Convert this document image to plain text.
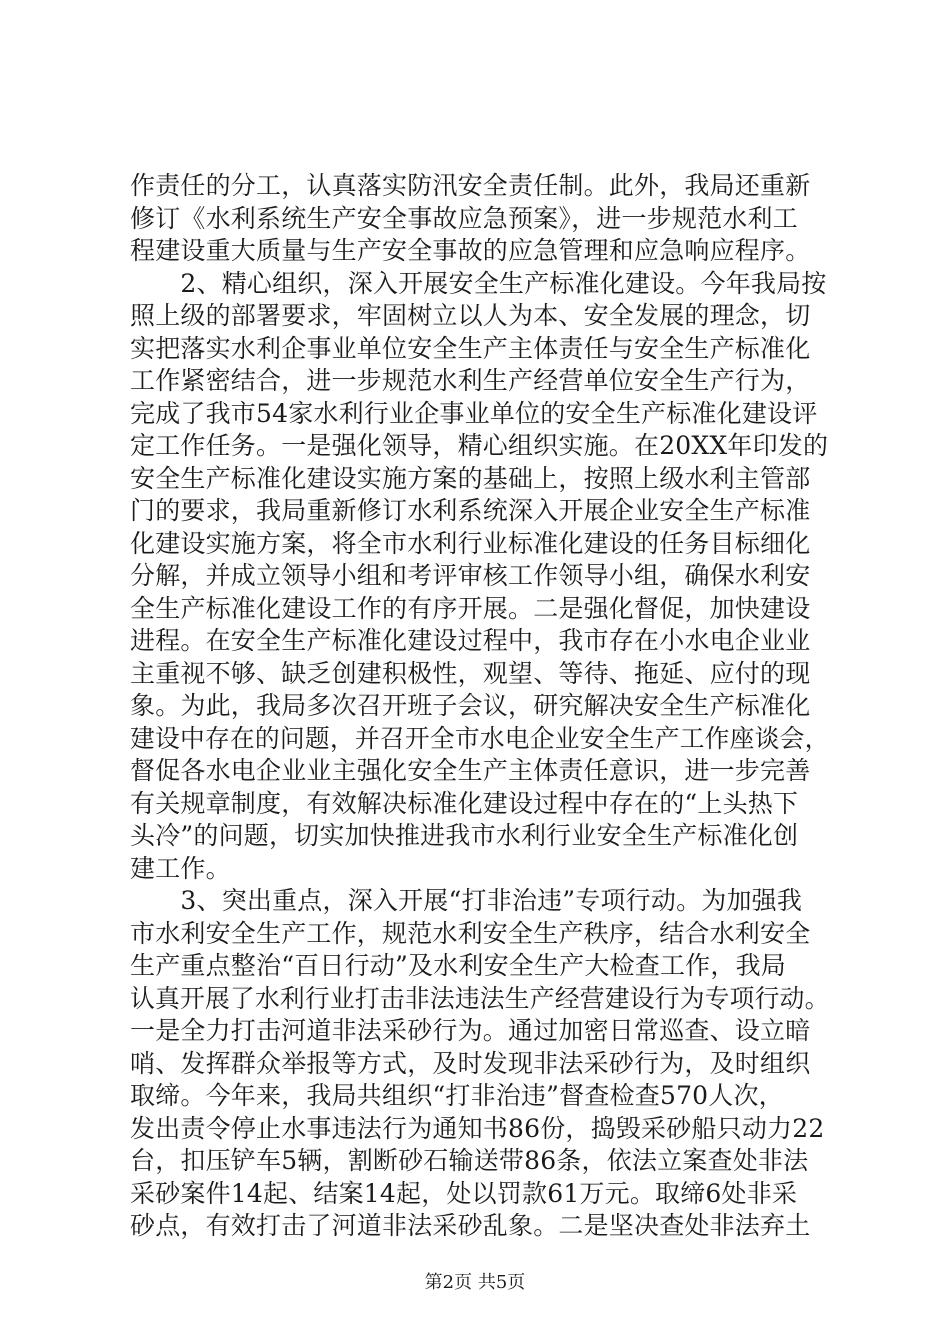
作责任的分工，认真落实防汛安全责任制。此外，我局还重新
修订《水利系统生产安全事故应急预案》，进一步规范水利工
程建设重大质量与生产安全事故的应急管理和应急响应程序。
　　2、精心组织，深入开展安全生产标准化建设。今年我局按
照上级的部署要求，牢固树立以人为本、安全发展的理念，切
实把落实水利企事业单位安全生产主体责任与安全生产标准化
工作紧密结合，进一步规范水利生产经营单位安全生产行为，
完成了我市54家水利行业企事业单位的安全生产标准化建设评
定工作任务。一是强化领导，精心组织实施。在20XX年印发的
安全生产标准化建设实施方案的基础上，按照上级水利主管部
门的要求，我局重新修订水利系统深入开展企业安全生产标准
化建设实施方案，将全市水利行业标准化建设的任务目标细化
分解，并成立领导小组和考评审核工作领导小组，确保水利安
全生产标准化建设工作的有序开展。二是强化督促，加快建设
进程。在安全生产标准化建设过程中，我市存在小水电企业业
主重视不够、缺乏创建积极性，观望、等待、拖延、应付的现
象。为此，我局多次召开班子会议，研究解决安全生产标准化
建设中存在的问题，并召开全市水电企业安全生产工作座谈会，
督促各水电企业业主强化安全生产主体责任意识，进一步完善
有关规章制度，有效解决标准化建设过程中存在的“上头热下
头冷”的问题，切实加快推进我市水利行业安全生产标准化创
建工作。
　　3、突出重点，深入开展“打非治违”专项行动。为加强我
市水利安全生产工作，规范水利安全生产秩序，结合水利安全
生产重点整治“百日行动”及水利安全生产大检查工作，我局
认真开展了水利行业打击非法违法生产经营建设行为专项行动。
一是全力打击河道非法采砂行为。通过加密日常巡查、设立暗
哨、发挥群众举报等方式，及时发现非法采砂行为，及时组织
取缔。今年来，我局共组织“打非治违”督查检查570人次，
发出责令停止水事违法行为通知书86份，捣毁采砂船只动力22
台，扣压铲车5辆，割断砂石输送带86条，依法立案查处非法
采砂案件14起、结案14起，处以罚款61万元。取缔6处非采
砂点，有效打击了河道非法采砂乱象。二是坚决查处非法弃土
第2页 共5页
